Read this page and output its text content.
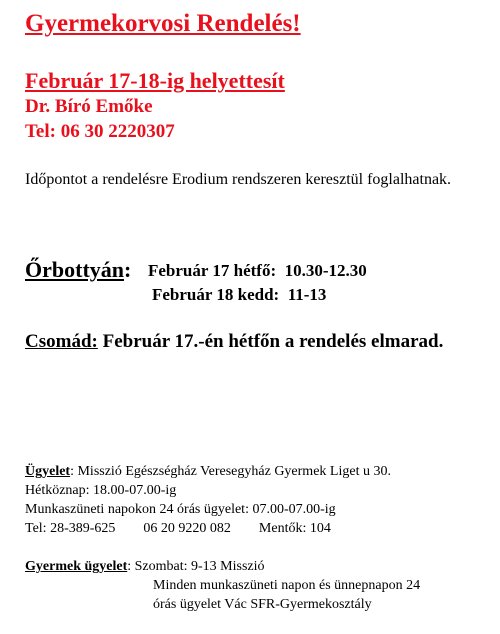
Gyermekorvosi Rendelés!
Február 17-18-ig helyettesít
Dr. Bíró Emőke
Tel: 06 30 2220307
Időpontot a rendelésre Erodium rendszeren keresztül foglalhatnak.
Őrbottyán: Február 17 hétfő: 10.30-12.30
Február 18 kedd: 11-13
Csomád: Február 17.-én hétfőn a rendelés elmarad.
Ügyelet: Misszió Egészségház Veresegyház Gyermek Liget u 30.
Hétköznap: 18.00-07.00-ig
Munkaszüneti napokon 24 órás ügyelet: 07.00-07.00-ig
Tel: 28-389-625 06 20 9220 082 Mentők: 104
Gyermek ügyelet: Szombat: 9-13 Misszió
Minden munkaszüneti napon és ünnepnapon 24
órás ügyelet Vác SFR-Gyermekosztály
